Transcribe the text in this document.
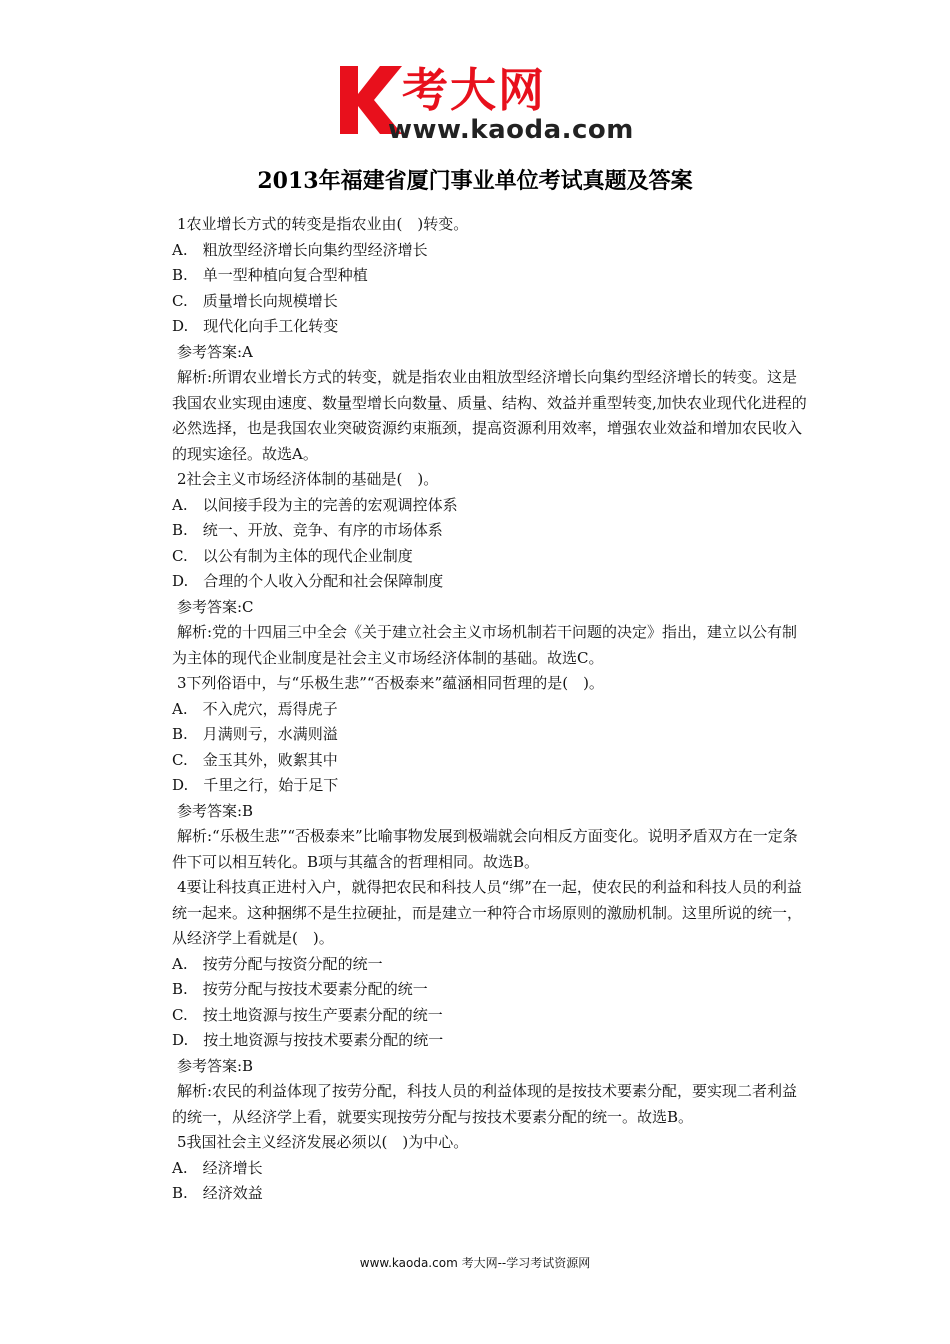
考大网
www.kaoda.com
2013年福建省厦门事业单位考试真题及答案

1农业增长方式的转变是指农业由(　)转变。

A.　粗放型经济增长向集约型经济增长

B.　单一型种植向复合型种植

C.　质量增长向规模增长

D.　现代化向手工化转变

参考答案:A

解析:所谓农业增长方式的转变，就是指农业由粗放型经济增长向集约型经济增长的转变。这是我国农业实现由速度、数量型增长向数量、质量、结构、效益并重型转变,加快农业现代化进程的必然选择，也是我国农业突破资源约束瓶颈，提高资源利用效率，增强农业效益和增加农民收入的现实途径。故选A。

2社会主义市场经济体制的基础是(　)。

A.　以间接手段为主的完善的宏观调控体系

B.　统一、开放、竞争、有序的市场体系

C.　以公有制为主体的现代企业制度

D.　合理的个人收入分配和社会保障制度

参考答案:C

解析:党的十四届三中全会《关于建立社会主义市场机制若干问题的决定》指出，建立以公有制为主体的现代企业制度是社会主义市场经济体制的基础。故选C。

3下列俗语中，与“乐极生悲”“否极泰来”蕴涵相同哲理的是(　)。

A.　不入虎穴，焉得虎子

B.　月满则亏，水满则溢

C.　金玉其外，败絮其中

D.　千里之行，始于足下

参考答案:B

解析:“乐极生悲”“否极泰来”比喻事物发展到极端就会向相反方面变化。说明矛盾双方在一定条件下可以相互转化。B项与其蕴含的哲理相同。故选B。

4要让科技真正进村入户，就得把农民和科技人员“绑”在一起，使农民的利益和科技人员的利益统一起来。这种捆绑不是生拉硬扯，而是建立一种符合市场原则的激励机制。这里所说的统一，从经济学上看就是(　)。

A.　按劳分配与按资分配的统一

B.　按劳分配与按技术要素分配的统一

C.　按土地资源与按生产要素分配的统一

D.　按土地资源与按技术要素分配的统一

参考答案:B

解析:农民的利益体现了按劳分配，科技人员的利益体现的是按技术要素分配，要实现二者利益的统一，从经济学上看，就要实现按劳分配与按技术要素分配的统一。故选B。

5我国社会主义经济发展必须以(　)为中心。

A.　经济增长

B.　经济效益

www.kaoda.com 考大网--学习考试资源网
